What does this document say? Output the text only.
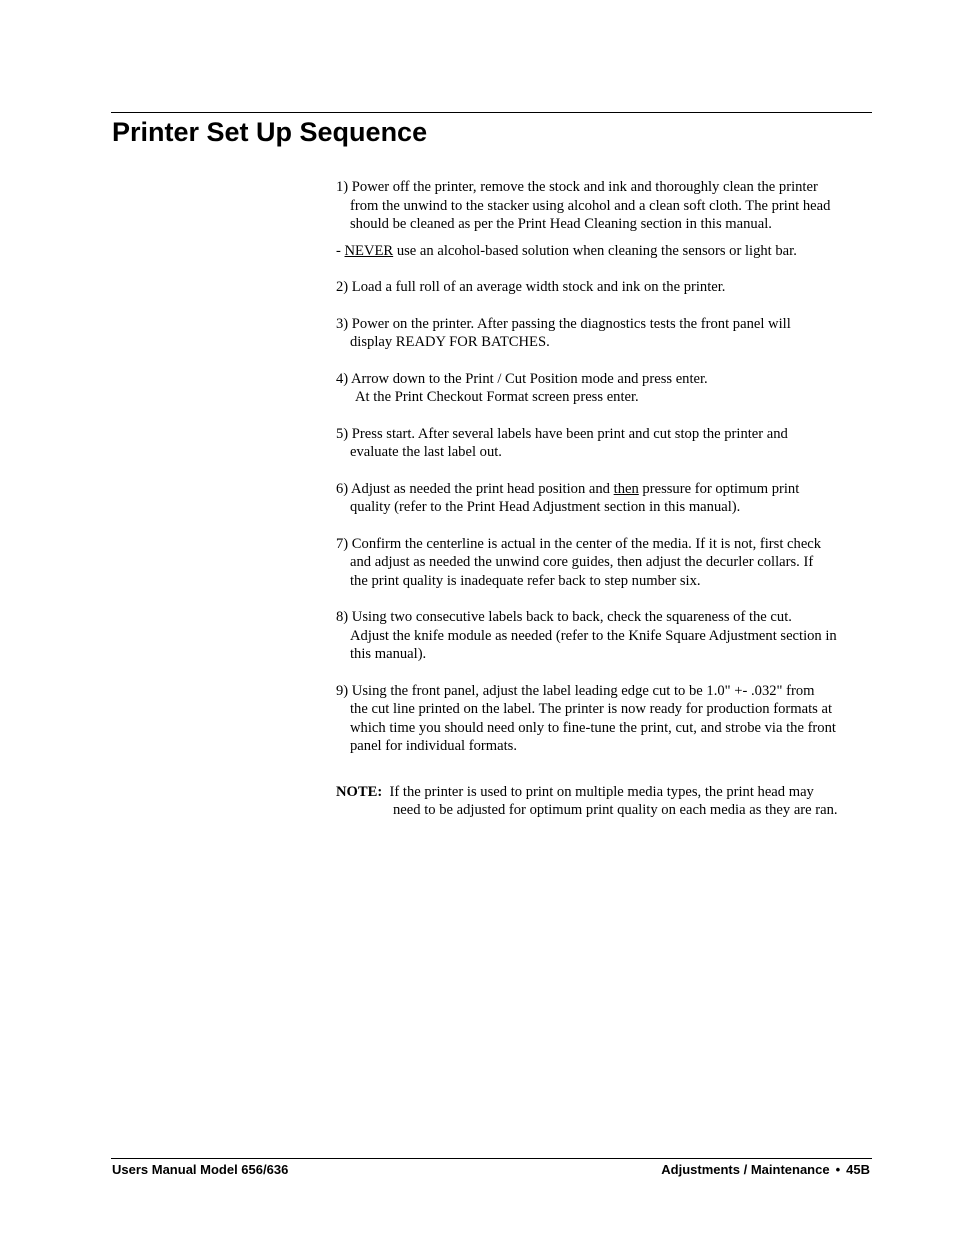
Printer Set Up Sequence

1) Power off the printer, remove the stock and ink and thoroughly clean the printer
from the unwind to the stacker using alcohol and a clean soft cloth. The print head
should be cleaned as per the Print Head Cleaning section in this manual.

- NEVER use an alcohol-based solution when cleaning the sensors or light bar.

2) Load a full roll of an average width stock and ink on the printer.

3) Power on the printer. After passing the diagnostics tests the front panel will
display READY FOR BATCHES.

4) Arrow down to the Print / Cut Position mode and press enter.
At the Print Checkout Format screen press enter.

5) Press start. After several labels have been print and cut stop the printer and
evaluate the last label out.

6) Adjust as needed the print head position and then pressure for optimum print
quality (refer to the Print Head Adjustment section in this manual).

7) Confirm the centerline is actual in the center of the media. If it is not, first check
and adjust as needed the unwind core guides, then adjust the decurler collars. If
the print quality is inadequate refer back to step number six.

8) Using two consecutive labels back to back, check the squareness of the cut.
Adjust the knife module as needed (refer to the Knife Square Adjustment section in
this manual).

9) Using the front panel, adjust the label leading edge cut to be 1.0" +- .032" from
the cut line printed on the label. The printer is now ready for production formats at
which time you should need only to fine-tune the print, cut, and strobe via the front
panel for individual formats.

NOTE:  If the printer is used to print on multiple media types, the print head may
need to be adjusted for optimum print quality on each media as they are ran.

Users Manual Model 656/636	Adjustments / Maintenance • 45B
